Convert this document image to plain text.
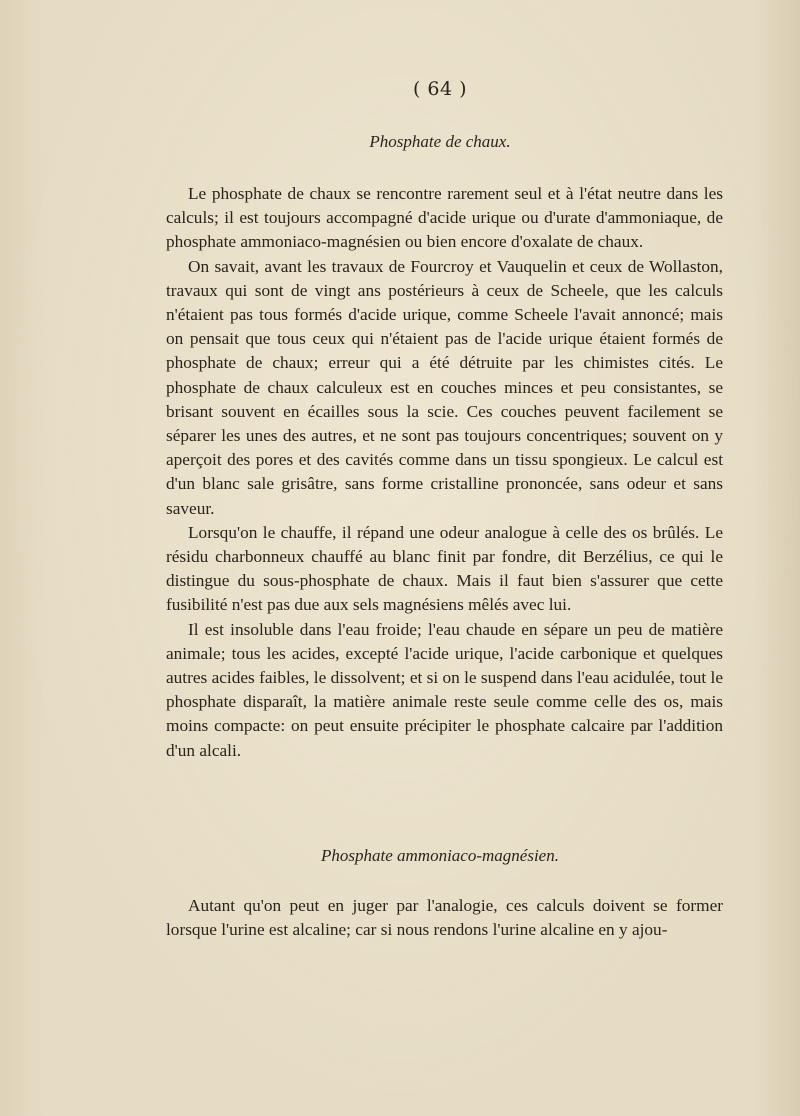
( 64 )
Phosphate de chaux.

Le phosphate de chaux se rencontre rarement seul et à l'état neutre dans les calculs; il est toujours accompagné d'acide urique ou d'urate d'ammoniaque, de phosphate ammoniaco-magnésien ou bien encore d'oxalate de chaux.

On savait, avant les travaux de Fourcroy et Vauquelin et ceux de Wollaston, travaux qui sont de vingt ans postérieurs à ceux de Scheele, que les calculs n'étaient pas tous formés d'acide urique, comme Scheele l'avait annoncé; mais on pensait que tous ceux qui n'étaient pas de l'acide urique étaient formés de phosphate de chaux; erreur qui a été détruite par les chimistes cités. Le phosphate de chaux calculeux est en couches minces et peu consistantes, se brisant souvent en écailles sous la scie. Ces couches peuvent facilement se séparer les unes des autres, et ne sont pas toujours concentriques; souvent on y aperçoit des pores et des cavités comme dans un tissu spongieux. Le calcul est d'un blanc sale grisâtre, sans forme cristalline prononcée, sans odeur et sans saveur.

Lorsqu'on le chauffe, il répand une odeur analogue à celle des os brûlés. Le résidu charbonneux chauffé au blanc finit par fondre, dit Berzélius, ce qui le distingue du sous-phosphate de chaux. Mais il faut bien s'assurer que cette fusibilité n'est pas due aux sels magnésiens mêlés avec lui.

Il est insoluble dans l'eau froide; l'eau chaude en sépare un peu de matière animale; tous les acides, excepté l'acide urique, l'acide carbonique et quelques autres acides faibles, le dissolvent; et si on le suspend dans l'eau acidulée, tout le phosphate disparaît, la matière animale reste seule comme celle des os, mais moins compacte: on peut ensuite précipiter le phosphate calcaire par l'addition d'un alcali.

Phosphate ammoniaco-magnésien.

Autant qu'on peut en juger par l'analogie, ces calculs doivent se former lorsque l'urine est alcaline; car si nous rendons l'urine alcaline en y ajou-
